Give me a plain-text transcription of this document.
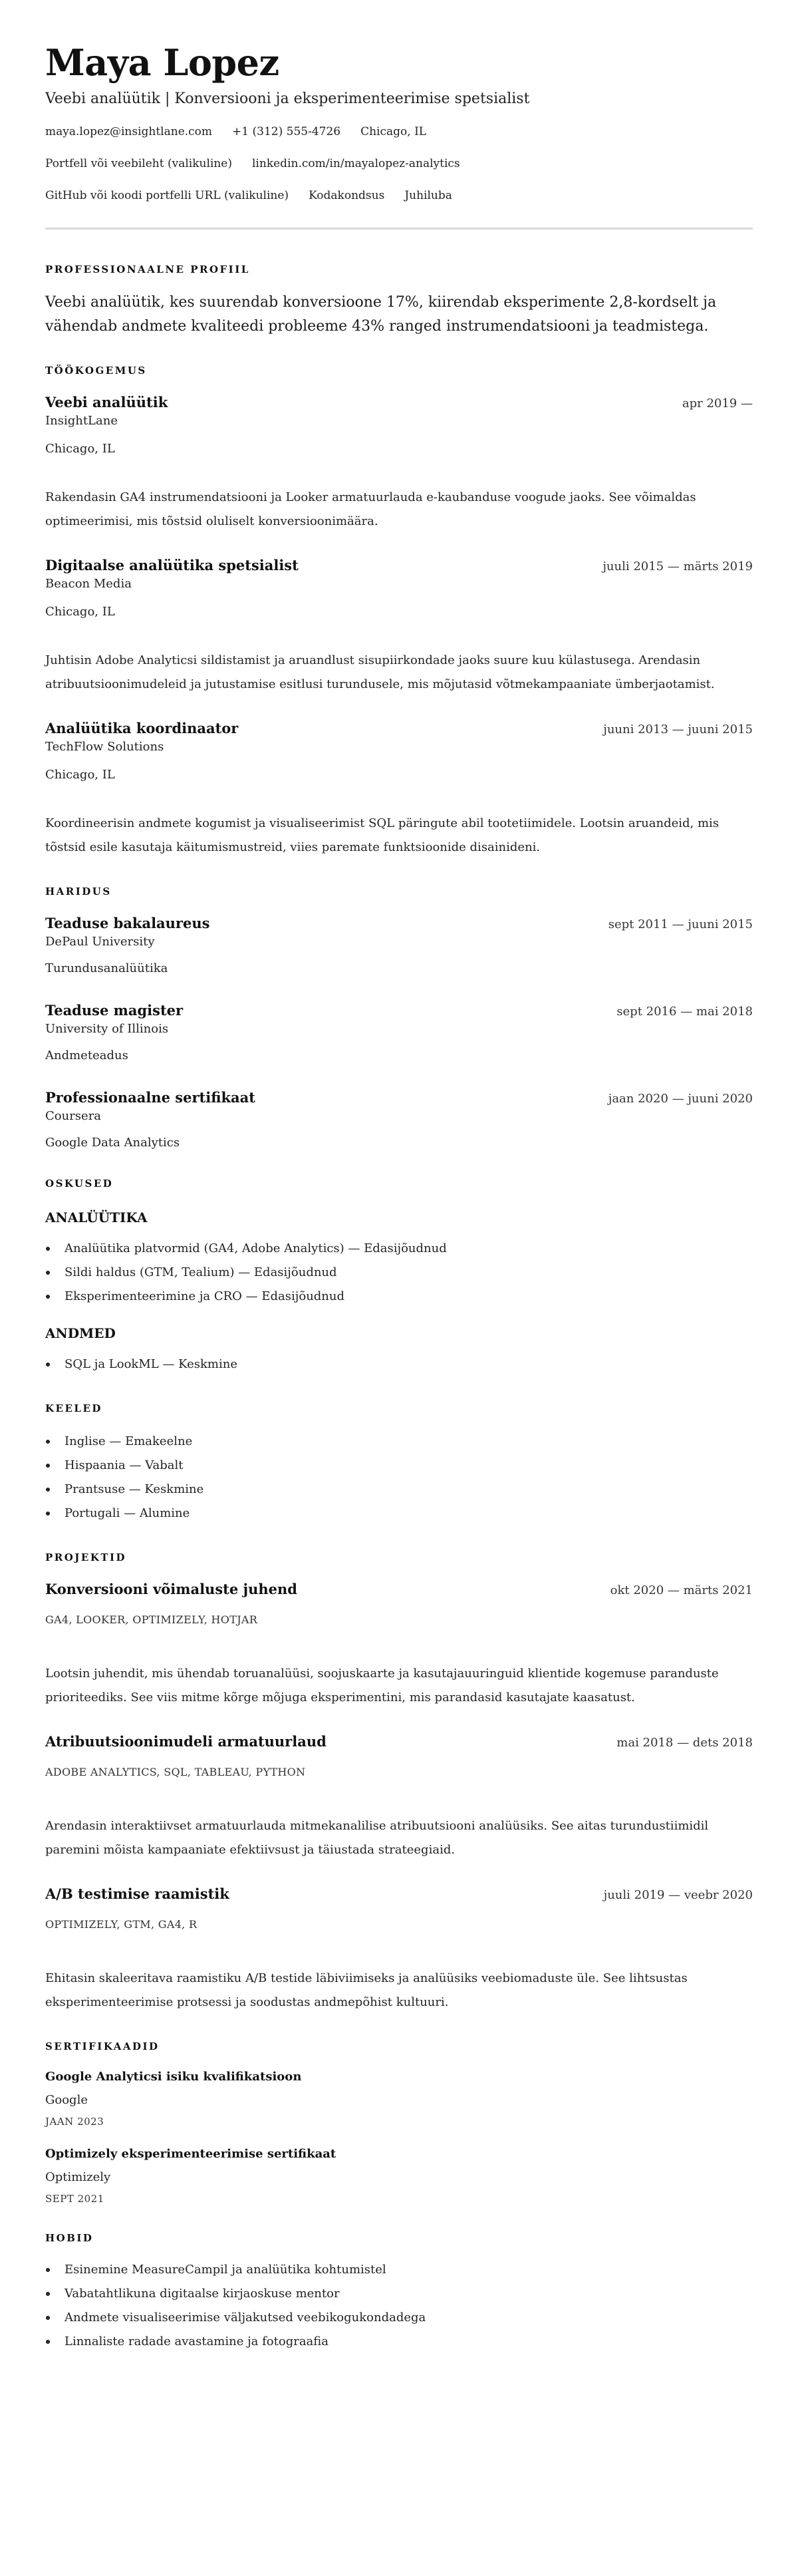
Maya Lopez
Veebi analüütik | Konversiooni ja eksperimenteerimise spetsialist
maya.lopez@insightlane.com +1 (312) 555-4726 Chicago, IL
Portfell või veebileht (valikuline) linkedin.com/in/mayalopez-analytics
GitHub või koodi portfelli URL (valikuline) Kodakondsus Juhiluba
PROFESSIONAALNE PROFIIL

Veebi analüütik, kes suurendab konversioone 17%, kiirendab eksperimente 2,8-kordselt ja vähendab andmete kvaliteedi probleeme 43% ranged instrumendatsiooni ja teadmistega.

TÖÖKOGEMUS
Veebi analüütik	apr 2019 —
InsightLane
Chicago, IL

Rakendasin GA4 instrumendatsiooni ja Looker armatuurlauda e-kaubanduse voogude jaoks. See võimaldas optimeerimisi, mis tõstsid oluliselt konversioonimäära.

Digitaalse analüütika spetsialist	juuli 2015 — märts 2019
Beacon Media
Chicago, IL

Juhtisin Adobe Analyticsi sildistamist ja aruandlust sisupiirkondade jaoks suure kuu külastusega. Arendasin atribuutsioonimudeleid ja jutustamise esitlusi turundusele, mis mõjutasid võtmekampaaniate ümberjaotamist.

Analüütika koordinaator	juuni 2013 — juuni 2015
TechFlow Solutions
Chicago, IL

Koordineerisin andmete kogumist ja visualiseerimist SQL päringute abil tootetiimidele. Lootsin aruandeid, mis tõstsid esile kasutaja käitumismustreid, viies paremate funktsioonide disainideni.

HARIDUS
Teaduse bakalaureus	sept 2011 — juuni 2015
DePaul University
Turundusanalüütika
Teaduse magister	sept 2016 — mai 2018
University of Illinois
Andmeteadus
Professionaalne sertifikaat	jaan 2020 — juuni 2020
Coursera
Google Data Analytics
OSKUSED
ANALÜÜTIKA
Analüütika platvormid (GA4, Adobe Analytics) — Edasijõudnud
Sildi haldus (GTM, Tealium) — Edasijõudnud
Eksperimenteerimine ja CRO — Edasijõudnud
ANDMED
SQL ja LookML — Keskmine
KEELED
Inglise — Emakeelne
Hispaania — Vabalt
Prantsuse — Keskmine
Portugali — Alumine
PROJEKTID
Konversiooni võimaluste juhend	okt 2020 — märts 2021
GA4, LOOKER, OPTIMIZELY, HOTJAR

Lootsin juhendit, mis ühendab toruanalüüsi, soojuskaarte ja kasutajauuringuid klientide kogemuse paranduste prioriteediks. See viis mitme kõrge mõjuga eksperimentini, mis parandasid kasutajate kaasatust.

Atribuutsioonimudeli armatuurlaud	mai 2018 — dets 2018
ADOBE ANALYTICS, SQL, TABLEAU, PYTHON

Arendasin interaktiivset armatuurlauda mitmekanalilise atribuutsiooni analüüsiks. See aitas turundustiimidil paremini mõista kampaaniate efektiivsust ja täiustada strateegiaid.

A/B testimise raamistik	juuli 2019 — veebr 2020
OPTIMIZELY, GTM, GA4, R

Ehitasin skaleeritava raamistiku A/B testide läbiviimiseks ja analüüsiks veebiomaduste üle. See lihtsustas eksperimenteerimise protsessi ja soodustas andmepõhist kultuuri.

SERTIFIKAADID
Google Analyticsi isiku kvalifikatsioon
Google
JAAN 2023
Optimizely eksperimenteerimise sertifikaat
Optimizely
SEPT 2021
HOBID
Esinemine MeasureCampil ja analüütika kohtumistel
Vabatahtlikuna digitaalse kirjaoskuse mentor
Andmete visualiseerimise väljakutsed veebikogukondadega
Linnaliste radade avastamine ja fotograafia
